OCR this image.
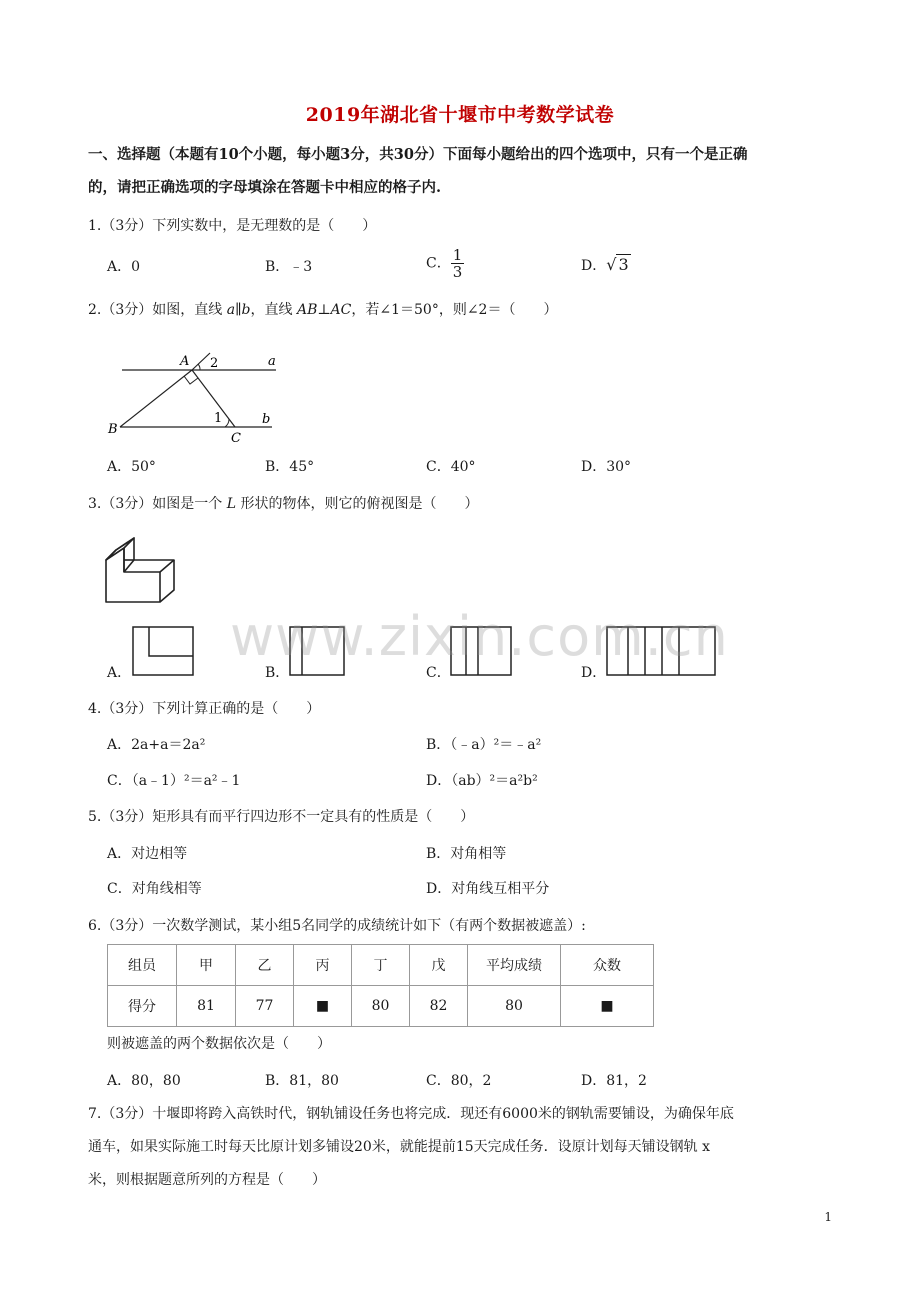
2019年湖北省十堰市中考数学试卷
一、选择题（本题有10个小题，每小题3分，共30分）下面每小题给出的四个选项中，只有一个是正确
的，请把正确选项的字母填涂在答题卡中相应的格子内.
1.（3分）下列实数中，是无理数的是（　　）
A．0	B．﹣3	C． $\frac{1}{3}$	D．√ 3
2.（3分）如图，直线 a∥b，直线 AB⊥AC，若∠1＝50°，则∠2＝（　　）
A 2	a
B
1
C
b
A．50°	B．45°	C．40°	D．30°
3.（3分）如图是一个 L 形状的物体，则它的俯视图是（　　）
A．	B．	C．	D．
www.zixin.com.cn
4.（3分）下列计算正确的是（　　）
A．2a+a＝2a²	B．（﹣a）²＝﹣a²
C．（a﹣1）²＝a²﹣1	D．（ab）²＝a²b²
5.（3分）矩形具有而平行四边形不一定具有的性质是（　　）
A．对边相等	B．对角相等
C．对角线相等	D．对角线互相平分
6.（3分）一次数学测试，某小组5名同学的成绩统计如下（有两个数据被遮盖）:
组员	甲	乙	丙	丁	戊	平均成绩	众数
得分	81	77	■	80	82	80	■
则被遮盖的两个数据依次是（　　）
A．80，80	B．81，80	C．80，2	D．81，2
7.（3分）十堰即将跨入高铁时代，钢轨铺设任务也将完成．现还有6000米的钢轨需要铺设，为确保年底
通车，如果实际施工时每天比原计划多铺设20米，就能提前15天完成任务．设原计划每天铺设钢轨 x
米，则根据题意所列的方程是（　　）
1
